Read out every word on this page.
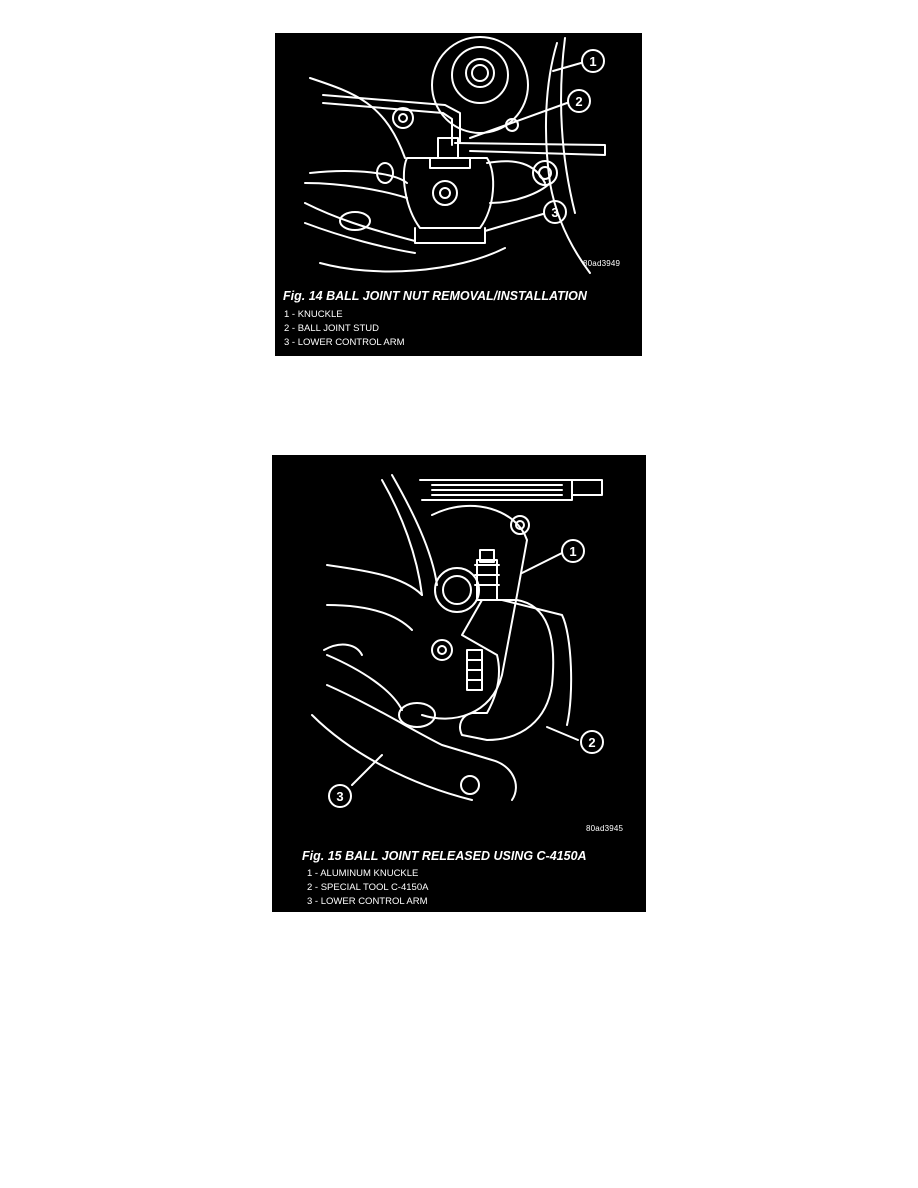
1
2
3
80ad3949
Fig. 14 BALL JOINT NUT REMOVAL/INSTALLATION
1 - KNUCKLE
2 - BALL JOINT STUD
3 - LOWER CONTROL ARM
1
2
3
80ad3945
Fig. 15 BALL JOINT RELEASED USING C-4150A
1 - ALUMINUM KNUCKLE
2 - SPECIAL TOOL C-4150A
3 - LOWER CONTROL ARM
